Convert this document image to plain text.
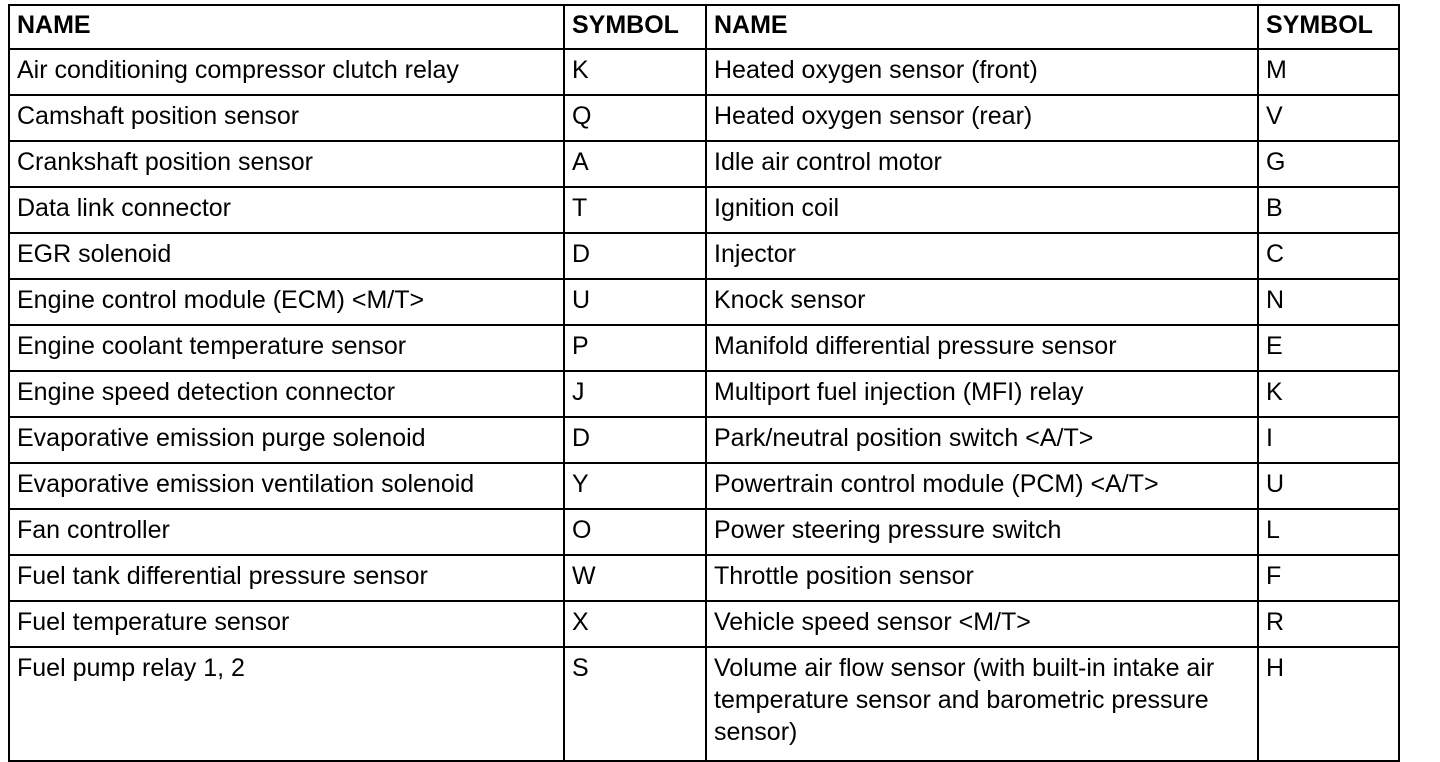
NAME	SYMBOL	NAME	SYMBOL
Air conditioning compressor clutch relay	K	Heated oxygen sensor (front)	M
Camshaft position sensor	Q	Heated oxygen sensor (rear)	V
Crankshaft position sensor	A	Idle air control motor	G
Data link connector	T	Ignition coil	B
EGR solenoid	D	Injector	C
Engine control module (ECM) <M/T>	U	Knock sensor	N
Engine coolant temperature sensor	P	Manifold differential pressure sensor	E
Engine speed detection connector	J	Multiport fuel injection (MFI) relay	K
Evaporative emission purge solenoid	D	Park/neutral position switch <A/T>	I
Evaporative emission ventilation solenoid	Y	Powertrain control module (PCM) <A/T>	U
Fan controller	O	Power steering pressure switch	L
Fuel tank differential pressure sensor	W	Throttle position sensor	F
Fuel temperature sensor	X	Vehicle speed sensor <M/T>	R
Fuel pump relay 1, 2	S	Volume air flow sensor (with built-in intake air temperature sensor and barometric pressure sensor)	H
